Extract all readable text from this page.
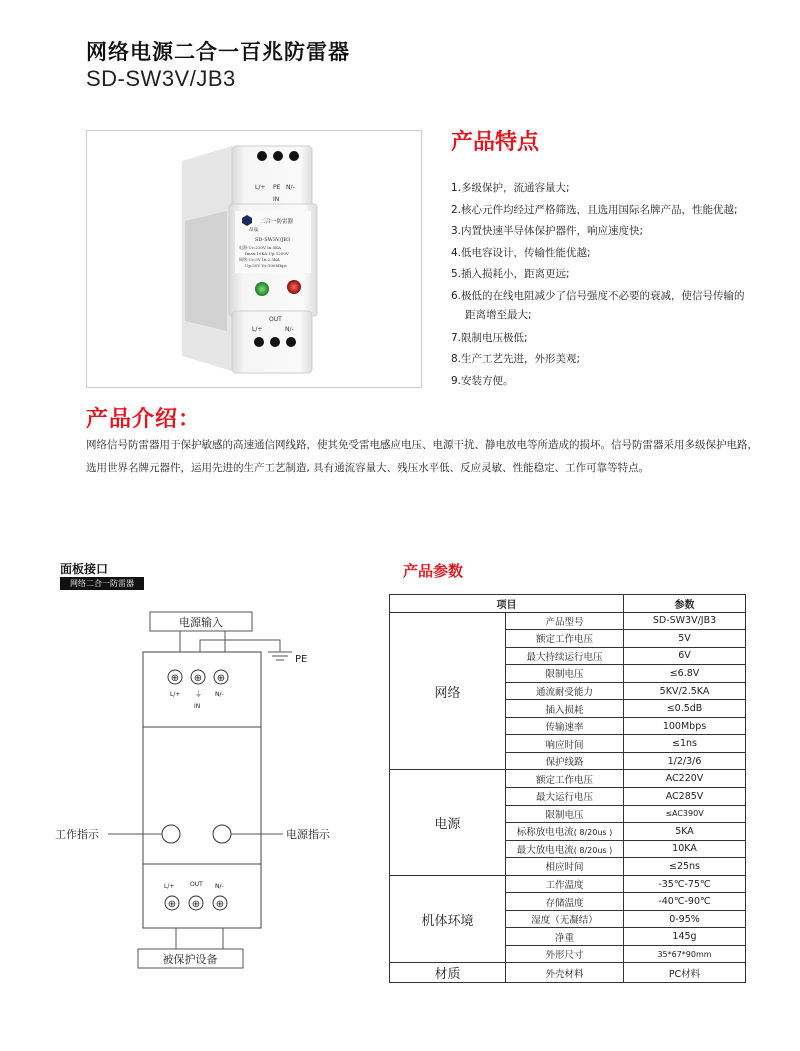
网络电源二合一百兆防雷器
SD-SW3V/JB3
L/+ PE N/-
IN
昂晟
二合一防雷器
SD-SW3V/JB3
电源:Uc:220V In:5KA
Imax:10KA Up:1200V
网络:Uc:5V In:2.5KA
Up:50V Vs:100Mbps
OUT
L/+	N/-
产品特点
1.多级保护，流通容量大;
2.核心元件均经过严格筛选，且选用国际名牌产品，性能优越;
3.内置快速半导体保护器件，响应速度快;
4.低电容设计，传输性能优越;
5.插入损耗小，距离更远;
6.极低的在线电阻减少了信号强度不必要的衰减，使信号传输的
距离增至最大;
7.限制电压极低;
8.生产工艺先进，外形美观;
9.安装方便。
产品介绍：
网络信号防雷器用于保护敏感的高速通信网线路，使其免受雷电感应电压、电源干扰、静电放电等所造成的损坏。信号防雷器采用多级保护电路，选用世界名牌元器件，运用先进的生产工艺制造, 具有通流容量大、残压水平低、反应灵敏、性能稳定、工作可靠等特点。
面板接口
网络二合一防雷器
电源输入
PE
⊕ ⊕ ⊕
L/+ ⏚ N/-
IN
工作指示	电源指示
L/+	OUT N/-
⊕ ⊕ ⊕
被保护设备
产品参数
项目		参数
网络	产品型号	SD-SW3V/JB3
	额定工作电压	5V
	最大持续运行电压	6V
	限制电压	≤6.8V
	通流耐受能力	5KV/2.5KA
	插入损耗	≤0.5dB
	传输速率	100Mbps
	响应时间	≤1ns
	保护线路	1/2/3/6
电源	额定工作电压	AC220V
	最大运行电压	AC285V
	限制电压	≤AC390V
	标称放电电流( 8/20us )	5KA
	最大放电电流( 8/20us )	10KA
	相应时间	≤25ns
机体环境	工作温度	-35℃-75℃
	存储温度	-40℃-90℃
	湿度（无凝结）	0-95%
	净重	145g
	外形尺寸	35*67*90mm
材质	外壳材料	PC材料
